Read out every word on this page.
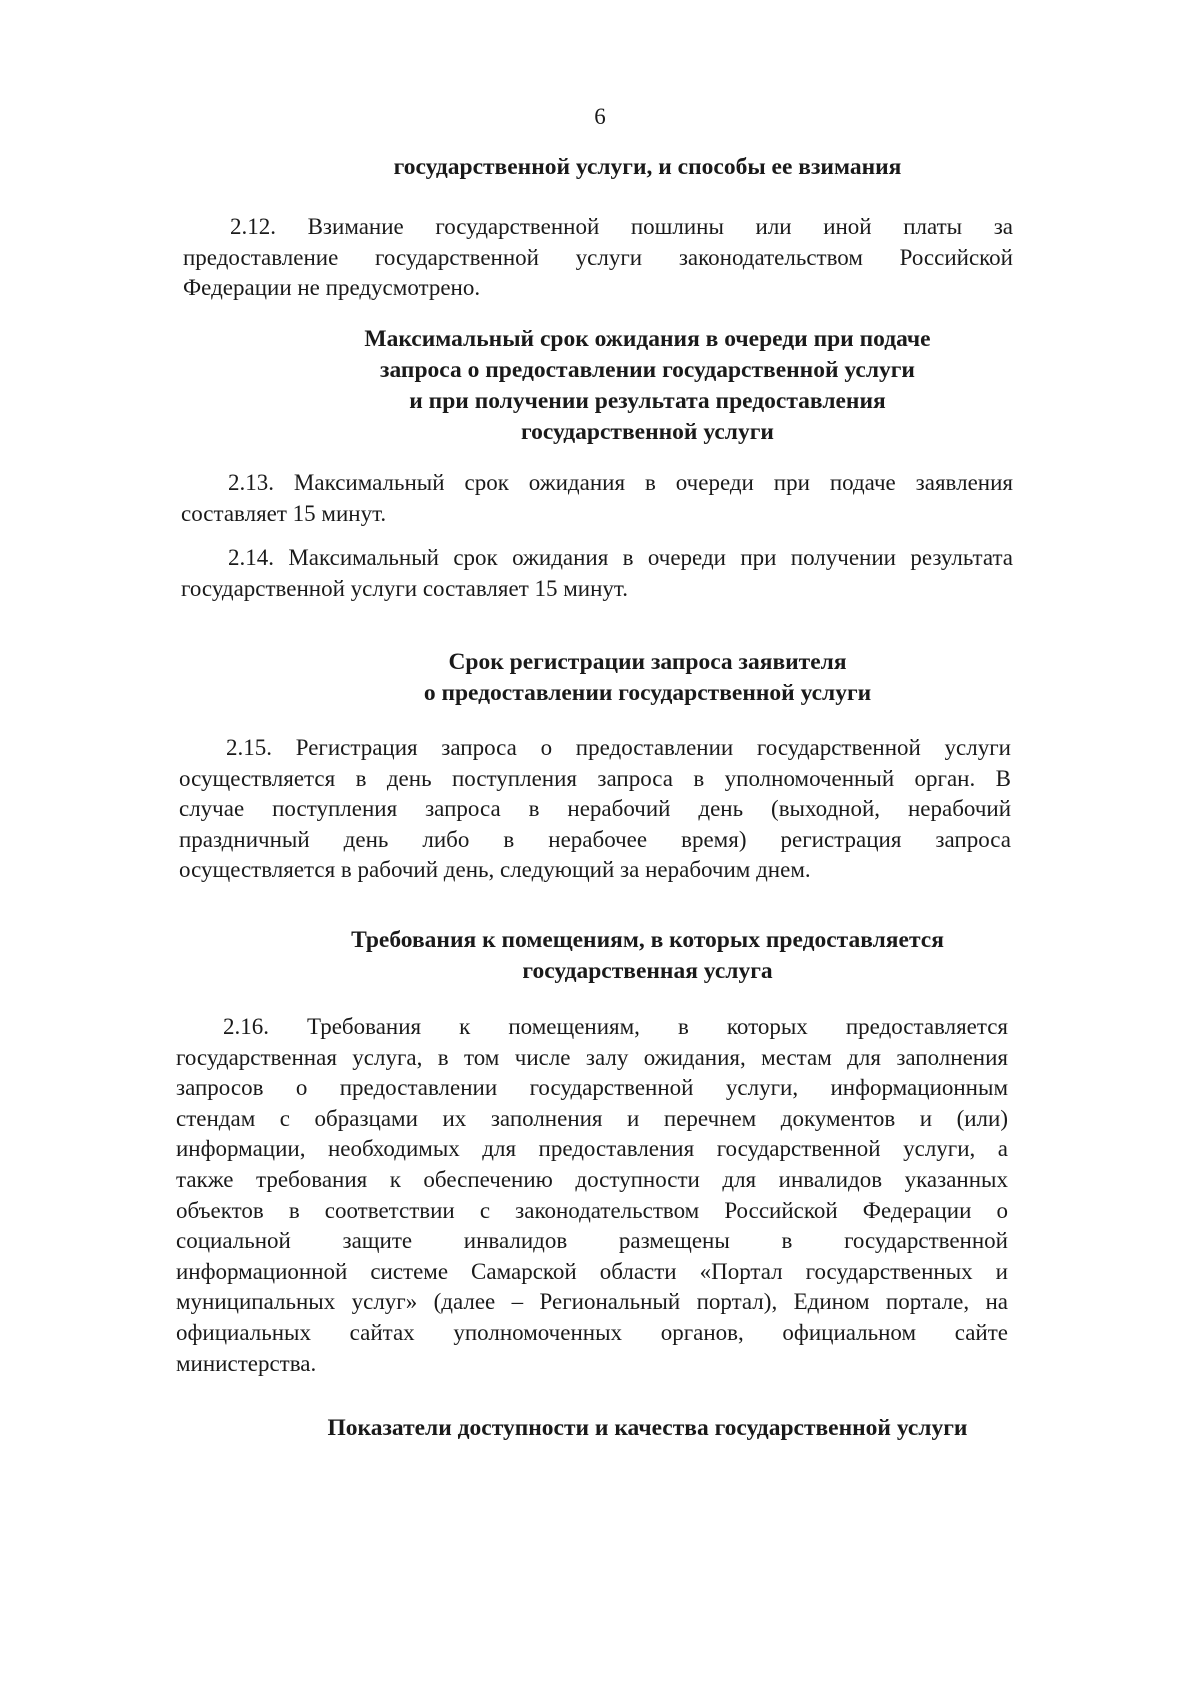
6
государственной услуги, и способы ее взимания
2.12. Взимание государственной пошлины или иной платы за
предоставление государственной услуги законодательством Российской
Федерации не предусмотрено.
Максимальный срок ожидания в очереди при подаче
запроса о предоставлении государственной услуги
и при получении результата предоставления
государственной услуги
2.13. Максимальный срок ожидания в очереди при подаче заявления
составляет 15 минут.
2.14. Максимальный срок ожидания в очереди при получении результата
государственной услуги составляет 15 минут.
Срок регистрации запроса заявителя
о предоставлении государственной услуги
2.15. Регистрация запроса о предоставлении государственной услуги
осуществляется в день поступления запроса в уполномоченный орган. В
случае поступления запроса в нерабочий день (выходной, нерабочий
праздничный день либо в нерабочее время) регистрация запроса
осуществляется в рабочий день, следующий за нерабочим днем.
Требования к помещениям, в которых предоставляется
государственная услуга
2.16. Требования к помещениям, в которых предоставляется
государственная услуга, в том числе залу ожидания, местам для заполнения
запросов о предоставлении государственной услуги, информационным
стендам с образцами их заполнения и перечнем документов и (или)
информации, необходимых для предоставления государственной услуги, а
также требования к обеспечению доступности для инвалидов указанных
объектов в соответствии с законодательством Российской Федерации о
социальной защите инвалидов размещены в государственной
информационной системе Самарской области «Портал государственных и
муниципальных услуг» (далее – Региональный портал), Едином портале, на
официальных сайтах уполномоченных органов, официальном сайте
министерства.
Показатели доступности и качества государственной услуги
